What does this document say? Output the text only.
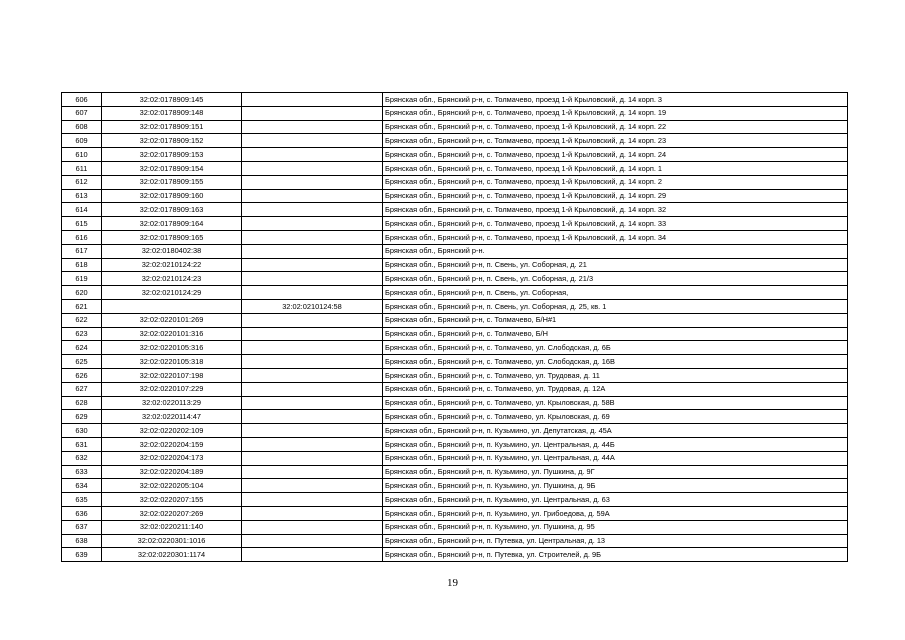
606	32:02:0178909:145		Брянская обл., Брянский р-н, с. Толмачево, проезд 1-й Крыловский, д. 14 корп. 3
607	32:02:0178909:148		Брянская обл., Брянский р-н, с. Толмачево, проезд 1-й Крыловский, д. 14 корп. 19
608	32:02:0178909:151		Брянская обл., Брянский р-н, с. Толмачево, проезд 1-й Крыловский, д. 14 корп. 22
609	32:02:0178909:152		Брянская обл., Брянский р-н, с. Толмачево, проезд 1-й Крыловский, д. 14 корп. 23
610	32:02:0178909:153		Брянская обл., Брянский р-н, с. Толмачево, проезд 1-й Крыловский, д. 14 корп. 24
611	32:02:0178909:154		Брянская обл., Брянский р-н, с. Толмачево, проезд 1-й Крыловский, д. 14 корп. 1
612	32:02:0178909:155		Брянская обл., Брянский р-н, с. Толмачево, проезд 1-й Крыловский, д. 14 корп. 2
613	32:02:0178909:160		Брянская обл., Брянский р-н, с. Толмачево, проезд 1-й Крыловский, д. 14 корп. 29
614	32:02:0178909:163		Брянская обл., Брянский р-н, с. Толмачево, проезд 1-й Крыловский, д. 14 корп. 32
615	32:02:0178909:164		Брянская обл., Брянский р-н, с. Толмачево, проезд 1-й Крыловский, д. 14 корп. 33
616	32:02:0178909:165		Брянская обл., Брянский р-н, с. Толмачево, проезд 1-й Крыловский, д. 14 корп. 34
617	32:02:0180402:38		Брянская обл., Брянский р-н.
618	32:02:0210124:22		Брянская обл., Брянский р-н, п. Свень, ул. Соборная, д. 21
619	32:02:0210124:23		Брянская обл., Брянский р-н, п. Свень, ул. Соборная, д. 21/3
620	32:02:0210124:29		Брянская обл., Брянский р-н, п. Свень, ул. Соборная,
621		32:02:0210124:58	Брянская обл., Брянский р-н, п. Свень, ул. Соборная, д. 25, кв. 1
622	32:02:0220101:269		Брянская обл., Брянский р-н, с. Толмачево, Б/Н#1
623	32:02:0220101:316		Брянская обл., Брянский р-н, с. Толмачево, Б/Н
624	32:02:0220105:316		Брянская обл., Брянский р-н, с. Толмачево, ул. Слободская, д. 6Б
625	32:02:0220105:318		Брянская обл., Брянский р-н, с. Толмачево, ул. Слободская, д. 16В
626	32:02:0220107:198		Брянская обл., Брянский р-н, с. Толмачево, ул. Трудовая, д. 11
627	32:02:0220107:229		Брянская обл., Брянский р-н, с. Толмачево, ул. Трудовая, д. 12А
628	32:02:0220113:29		Брянская обл., Брянский р-н, с. Толмачево, ул. Крыловская, д. 58В
629	32:02:0220114:47		Брянская обл., Брянский р-н, с. Толмачево, ул. Крыловская, д. 69
630	32:02:0220202:109		Брянская обл., Брянский р-н, п. Кузьмино, ул. Депутатская, д. 45А
631	32:02:0220204:159		Брянская обл., Брянский р-н, п. Кузьмино, ул. Центральная, д. 44Б
632	32:02:0220204:173		Брянская обл., Брянский р-н, п. Кузьмино, ул. Центральная, д. 44А
633	32:02:0220204:189		Брянская обл., Брянский р-н, п. Кузьмино, ул. Пушкина, д. 9Г
634	32:02:0220205:104		Брянская обл., Брянский р-н, п. Кузьмино, ул. Пушкина, д. 9Б
635	32:02:0220207:155		Брянская обл., Брянский р-н, п. Кузьмино, ул. Центральная, д. 63
636	32:02:0220207:269		Брянская обл., Брянский р-н, п. Кузьмино, ул. Грибоедова, д. 59А
637	32:02:0220211:140		Брянская обл., Брянский р-н, п. Кузьмино, ул. Пушкина, д. 95
638	32:02:0220301:1016		Брянская обл., Брянский р-н, п. Путевка, ул. Центральная, д. 13
639	32:02:0220301:1174		Брянская обл., Брянский р-н, п. Путевка, ул. Строителей, д. 9Б
19
